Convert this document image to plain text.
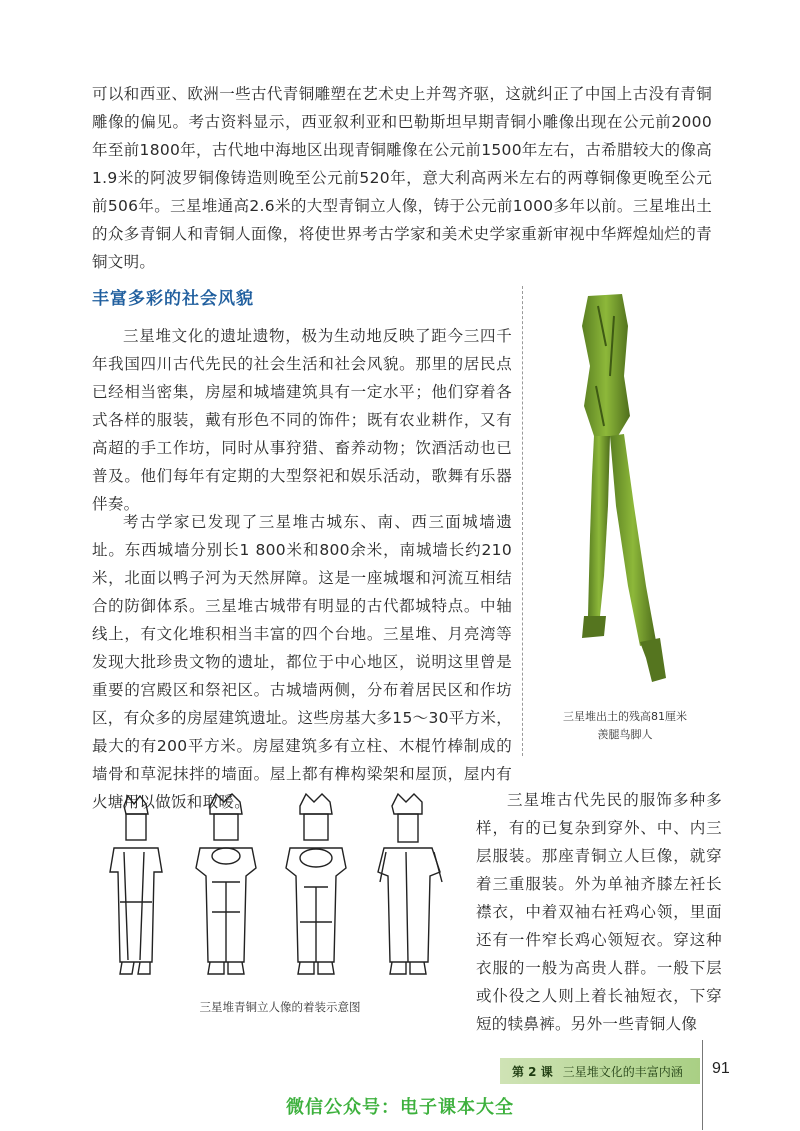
可以和西亚、欧洲一些古代青铜雕塑在艺术史上并驾齐驱，这就纠正了中国上古没有青铜雕像的偏见。考古资料显示，西亚叙利亚和巴勒斯坦早期青铜小雕像出现在公元前2000年至前1800年，古代地中海地区出现青铜雕像在公元前1500年左右，古希腊较大的像高1.9米的阿波罗铜像铸造则晚至公元前520年，意大利高两米左右的两尊铜像更晚至公元前506年。三星堆通高2.6米的大型青铜立人像，铸于公元前1000多年以前。三星堆出土的众多青铜人和青铜人面像，将使世界考古学家和美术史学家重新审视中华辉煌灿烂的青铜文明。

丰富多彩的社会风貌

三星堆文化的遗址遗物，极为生动地反映了距今三四千年我国四川古代先民的社会生活和社会风貌。那里的居民点已经相当密集，房屋和城墙建筑具有一定水平；他们穿着各式各样的服装，戴有形色不同的饰件；既有农业耕作，又有高超的手工作坊，同时从事狩猎、畜养动物；饮酒活动也已普及。他们每年有定期的大型祭祀和娱乐活动，歌舞有乐器伴奏。

考古学家已发现了三星堆古城东、南、西三面城墙遗址。东西城墙分别长1 800米和800余米，南城墙长约210米，北面以鸭子河为天然屏障。这是一座城堰和河流互相结合的防御体系。三星堆古城带有明显的古代都城特点。中轴线上，有文化堆积相当丰富的四个台地。三星堆、月亮湾等发现大批珍贵文物的遗址，都位于中心地区，说明这里曾是重要的宫殿区和祭祀区。古城墙两侧，分布着居民区和作坊区，有众多的房屋建筑遗址。这些房基大多15～30平方米，最大的有200平方米。房屋建筑多有立柱、木棍竹棒制成的墙骨和草泥抹拌的墙面。屋上都有榫构梁架和屋顶，屋内有火塘用以做饭和取暖。

三星堆出土的残高81厘米
羡腿鸟脚人
三星堆青铜立人像的着装示意图

三星堆古代先民的服饰多种多样，有的已复杂到穿外、中、内三层服装。那座青铜立人巨像，就穿着三重服装。外为单袖齐膝左衽长襟衣，中着双袖右衽鸡心领，里面还有一件窄长鸡心领短衣。穿这种衣服的一般为高贵人群。一般下层或仆役之人则上着长袖短衣，下穿短的犊鼻裤。另外一些青铜人像

第 2 课 三星堆文化的丰富内涵 91
微信公众号：电子课本大全
